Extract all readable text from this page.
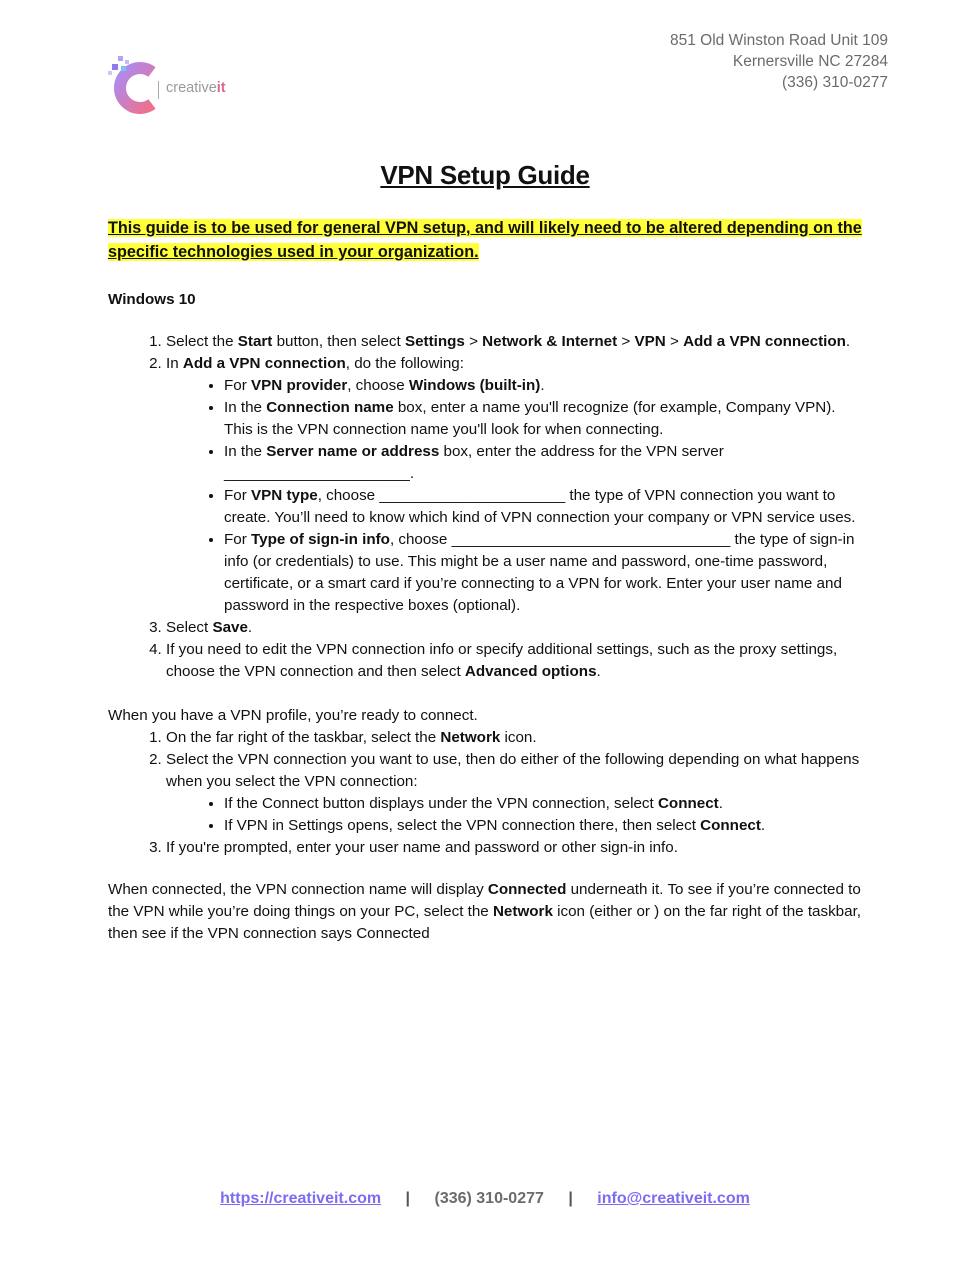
851 Old Winston Road Unit 109
Kernersville NC 27284
(336) 310-0277
creativeit
VPN Setup Guide
This guide is to be used for general VPN setup, and will likely need to be altered depending on the specific technologies used in your organization.

Windows 10

1. Select the Start button, then select Settings > Network & Internet > VPN > Add a VPN connection.
2. In Add a VPN connection, do the following:
• For VPN provider, choose Windows (built-in).
• In the Connection name box, enter a name you'll recognize (for example, Company VPN). This is the VPN connection name you'll look for when connecting.
• In the Server name or address box, enter the address for the VPN server ______________________.
• For VPN type, choose ______________________ the type of VPN connection you want to create. You’ll need to know which kind of VPN connection your company or VPN service uses.
• For Type of sign-in info, choose _________________________________ the type of sign-in info (or credentials) to use. This might be a user name and password, one-time password, certificate, or a smart card if you’re connecting to a VPN for work. Enter your user name and password in the respective boxes (optional).
3. Select Save.
4. If you need to edit the VPN connection info or specify additional settings, such as the proxy settings, choose the VPN connection and then select Advanced options.

When you have a VPN profile, you’re ready to connect.

1. On the far right of the taskbar, select the Network icon.
2. Select the VPN connection you want to use, then do either of the following depending on what happens when you select the VPN connection:
• If the Connect button displays under the VPN connection, select Connect.
• If VPN in Settings opens, select the VPN connection there, then select Connect.
3. If you're prompted, enter your user name and password or other sign-in info.

When connected, the VPN connection name will display Connected underneath it. To see if you’re connected to the VPN while you’re doing things on your PC, select the Network icon (either or ) on the far right of the taskbar, then see if the VPN connection says Connected

https://creativeit.com | (336) 310-0277 | info@creativeit.com
